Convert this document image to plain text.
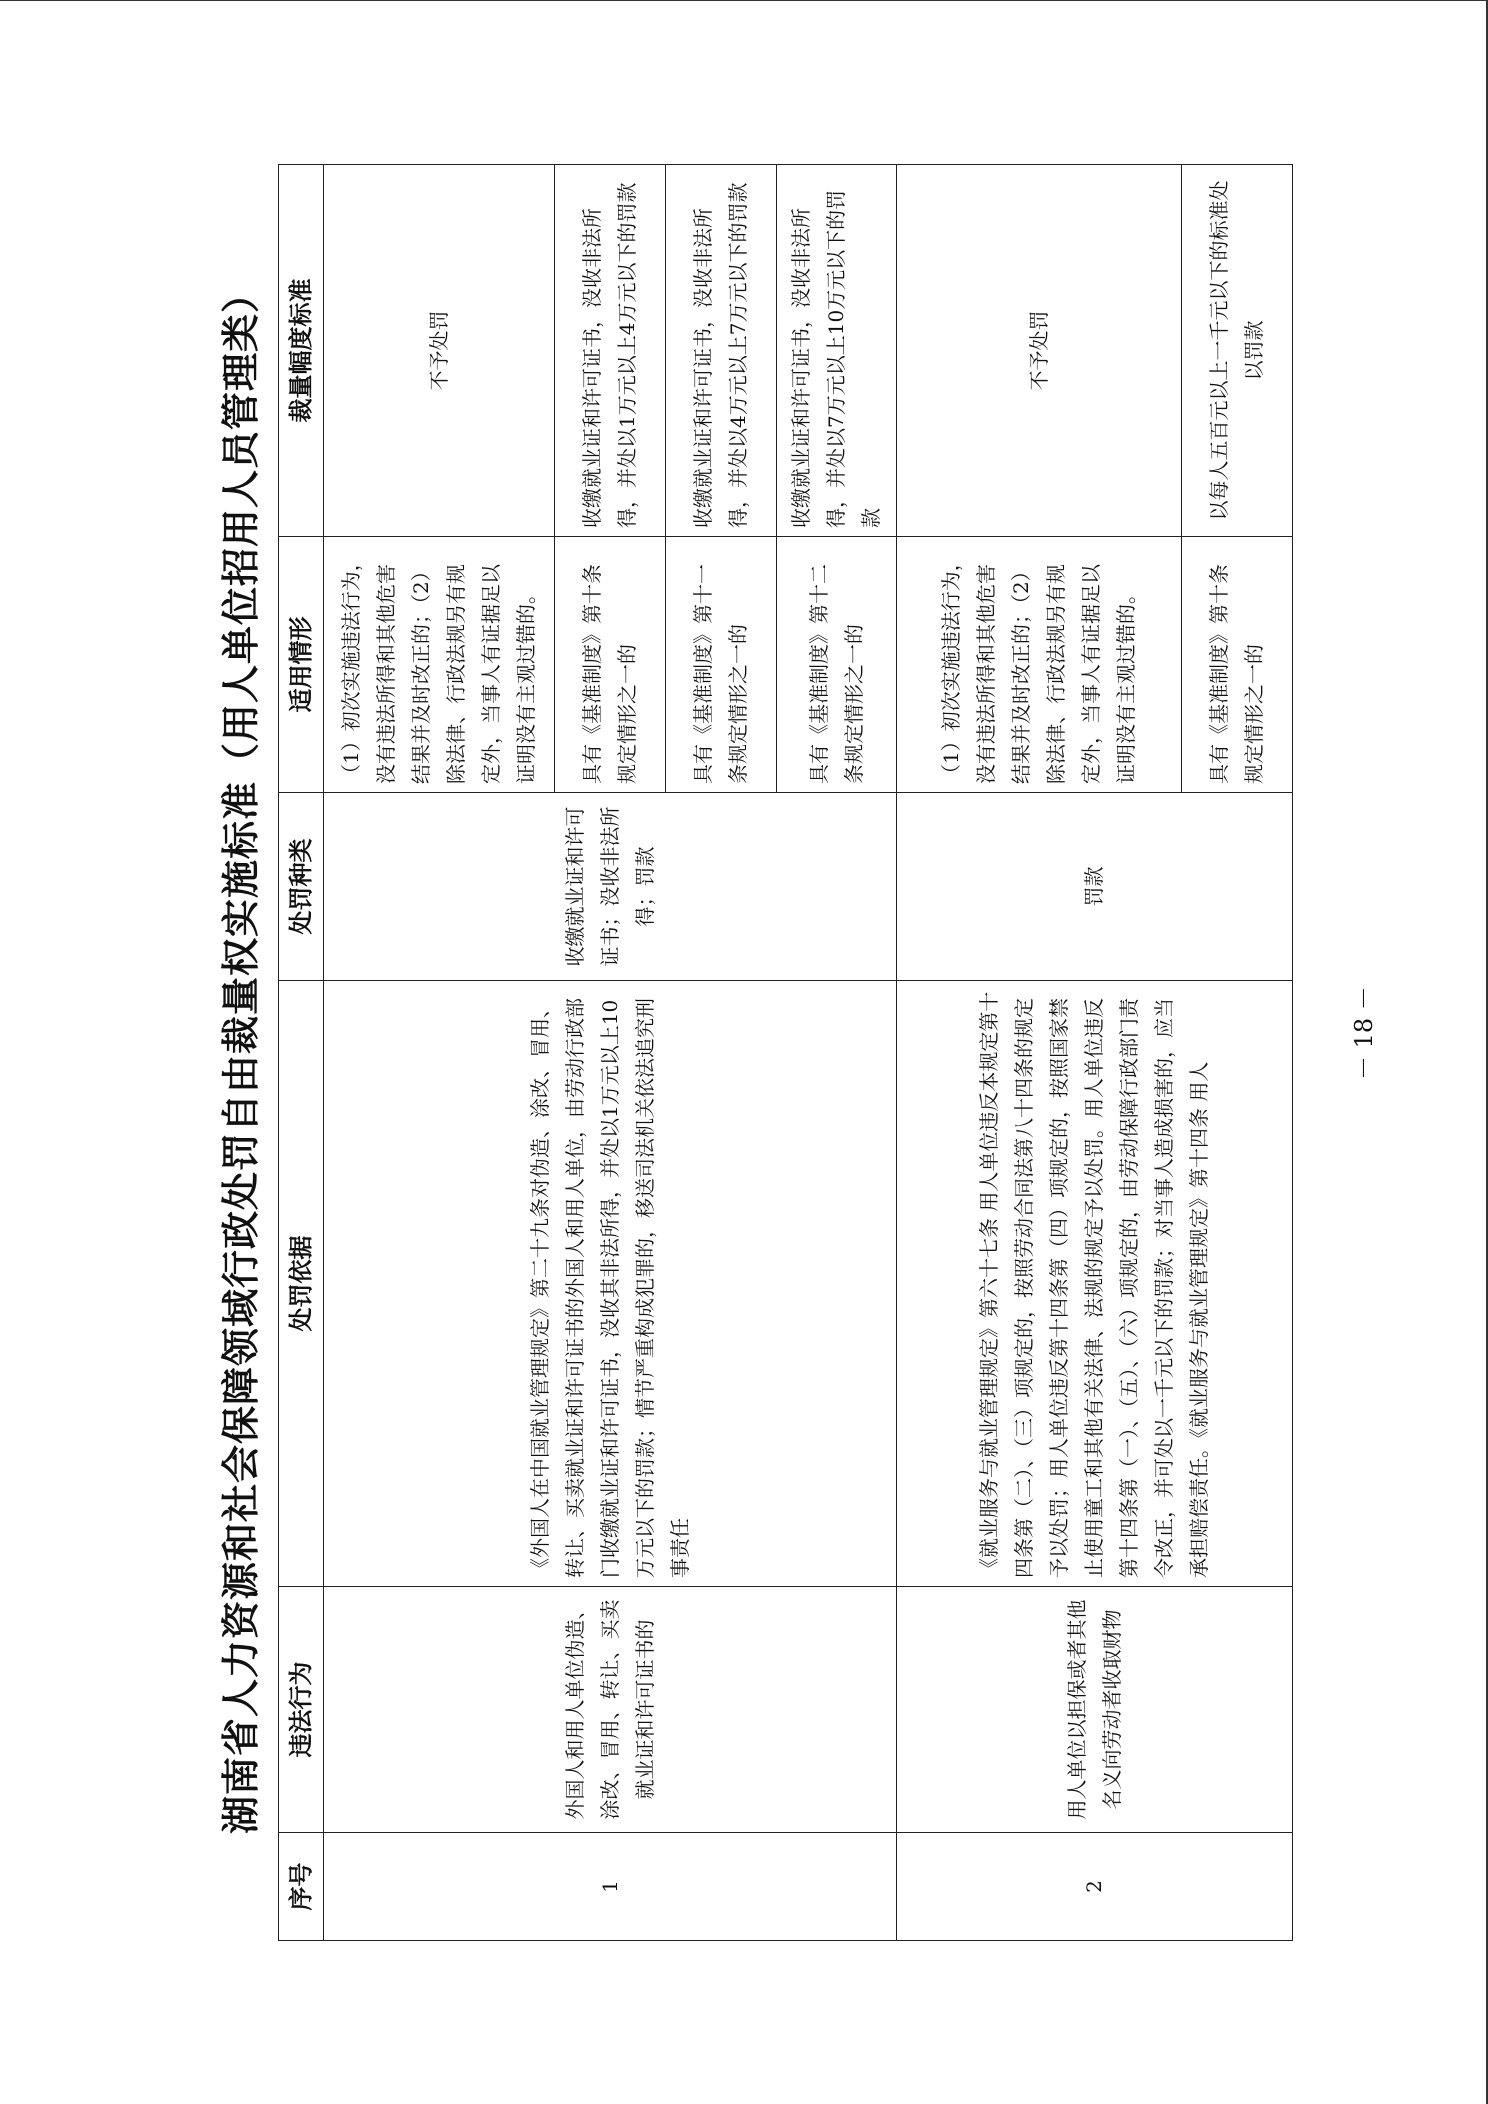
湖南省人力资源和社会保障领域行政处罚自由裁量权实施标准（用人单位招用人员管理类）
序号	违法行为	处罚依据	处罚种类	适用情形	裁量幅度标准
1	外国人和用人单位伪造、涂改、冒用、转让、买卖就业证和许可证书的	《外国人在中国就业管理规定》第二十九条对伪造、涂改、冒用、转让、买卖就业证和许可证书的外国人和用人单位，由劳动行政部门收缴就业证和许可证书，没收其非法所得，并处以1万元以上10万元以下的罚款；情节严重构成犯罪的，移送司法机关依法追究刑事责任	收缴就业证和许可证书；没收非法所得；罚款	（1）初次实施违法行为，没有违法所得和其他危害结果并及时改正的；（2）除法律、行政法规另有规定外，当事人有证据足以证明没有主观过错的。	不予处罚
				具有《基准制度》第十条规定情形之一的	收缴就业证和许可证书，没收非法所得，并处以1万元以上4万元以下的罚款
				具有《基准制度》第十一条规定情形之一的	收缴就业证和许可证书，没收非法所得，并处以4万元以上7万元以下的罚款
				具有《基准制度》第十二条规定情形之一的	收缴就业证和许可证书，没收非法所得，并处以7万元以上10万元以下的罚款
2	用人单位以担保或者其他名义向劳动者收取财物	《就业服务与就业管理规定》第六十七条 用人单位违反本规定第十四条第（二）、（三）项规定的，按照劳动合同法第八十四条的规定予以处罚；用人单位违反第十四条第（四）项规定的，按照国家禁止使用童工和其他有关法律、法规的规定予以处罚。用人单位违反第十四条第（一）、（五）、（六）项规定的，由劳动保障行政部门责令改正，并可处以一千元以下的罚款；对当事人造成损害的，应当承担赔偿责任。《就业服务与就业管理规定》第十四条 用人	罚款	（1）初次实施违法行为，没有违法所得和其他危害结果并及时改正的；（2）除法律、行政法规另有规定外，当事人有证据足以证明没有主观过错的。	不予处罚
				具有《基准制度》第十条规定情形之一的	以每人五百元以上一千元以下的标准处以罚款
－ 18 －
